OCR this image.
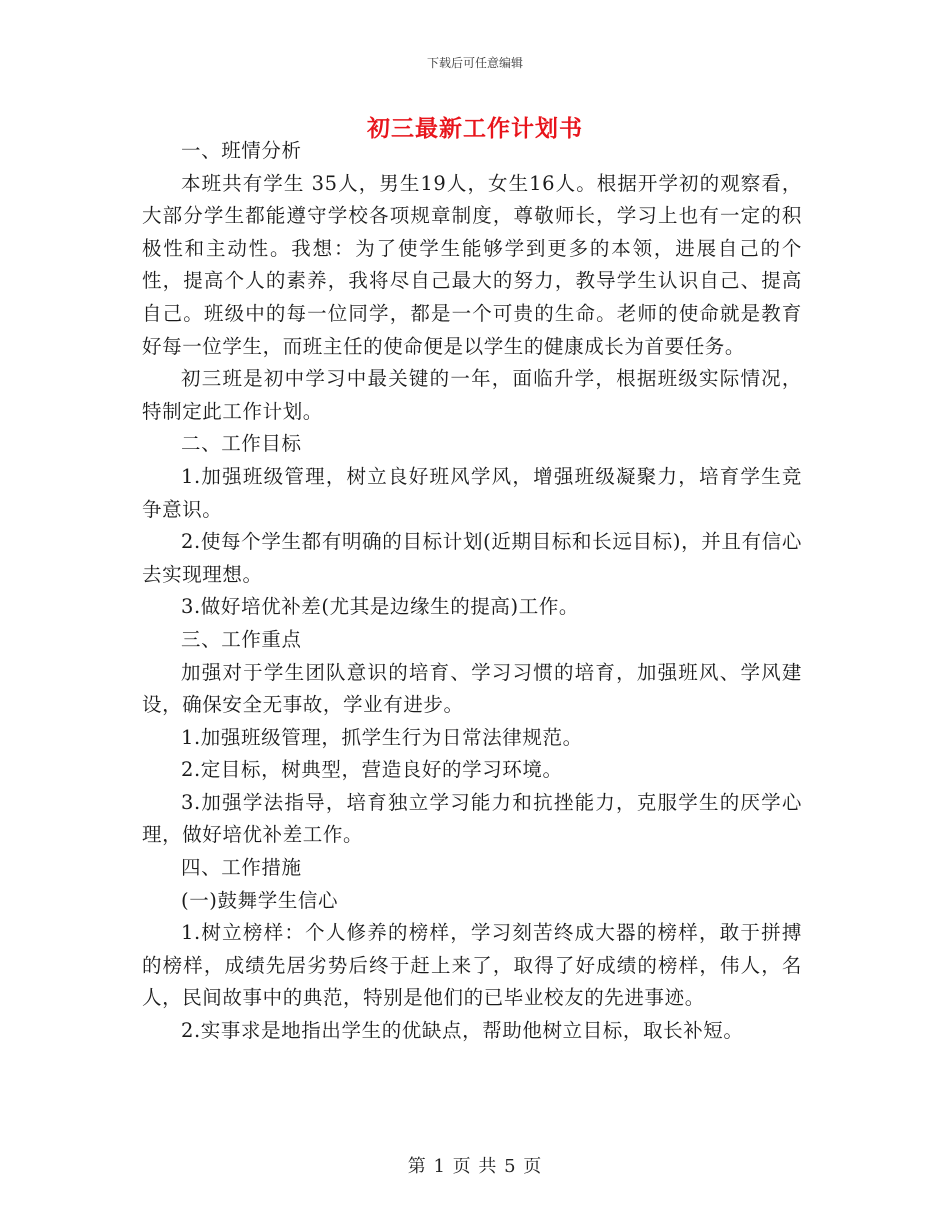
下载后可任意编辑
初三最新工作计划书

一、班情分析

本班共有学生 35人，男生19人，女生16人。根据开学初的观察看，大部分学生都能遵守学校各项规章制度，尊敬师长，学习上也有一定的积极性和主动性。我想：为了使学生能够学到更多的本领，进展自己的个性，提高个人的素养，我将尽自己最大的努力，教导学生认识自己、提高自己。班级中的每一位同学，都是一个可贵的生命。老师的使命就是教育好每一位学生，而班主任的使命便是以学生的健康成长为首要任务。

初三班是初中学习中最关键的一年，面临升学，根据班级实际情况，特制定此工作计划。

二、工作目标

1.加强班级管理，树立良好班风学风，增强班级凝聚力，培育学生竞争意识。

2.使每个学生都有明确的目标计划(近期目标和长远目标)，并且有信心去实现理想。

3.做好培优补差(尤其是边缘生的提高)工作。

三、工作重点

加强对于学生团队意识的培育、学习习惯的培育，加强班风、学风建设，确保安全无事故，学业有进步。

1.加强班级管理，抓学生行为日常法律规范。

2.定目标，树典型，营造良好的学习环境。

3.加强学法指导，培育独立学习能力和抗挫能力，克服学生的厌学心理，做好培优补差工作。

四、工作措施

(一)鼓舞学生信心

1.树立榜样：个人修养的榜样，学习刻苦终成大器的榜样，敢于拼搏的榜样，成绩先居劣势后终于赶上来了，取得了好成绩的榜样，伟人，名人，民间故事中的典范，特别是他们的已毕业校友的先进事迹。

2.实事求是地指出学生的优缺点，帮助他树立目标，取长补短。

第 1 页 共 5 页
